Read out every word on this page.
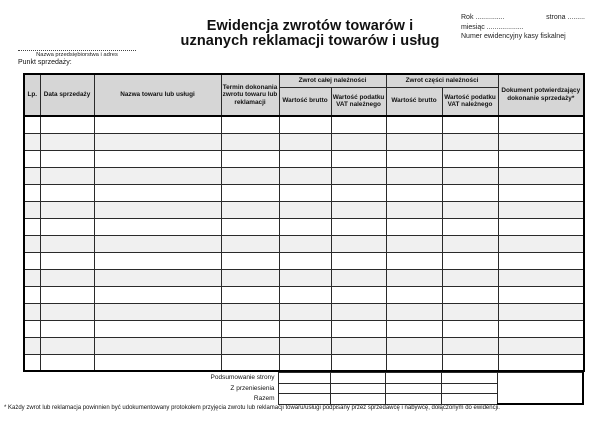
Ewidencja zwrotów towarów i
uznanych reklamacji towarów i usług
Rok ...............	strona .........
miesiąc ...................
Numer ewidencyjny kasy fiskalnej
Nazwa przedsiębiorstwa i adres
Punkt sprzedaży:
Lp.	Data sprzedaży	Nazwa towaru lub usługi	Termin dokonania zwrotu towaru lub reklamacji	Zwrot całej należności		Zwrot części należności		Dokument potwierdzający dokonanie sprzedaży*
				Wartość brutto	Wartość podatku VAT należnego	Wartość brutto	Wartość podatku VAT należnego	

Podsumowanie strony					
Z przeniesienia					
Razem					
* Każdy zwrot lub reklamacja powinnien być udokumentowany protokołem przyjęcia zwrotu lub reklamacji towaru/usługi podpisany przez sprzedawcę i nabywcę, dołączonym do ewidencji.
